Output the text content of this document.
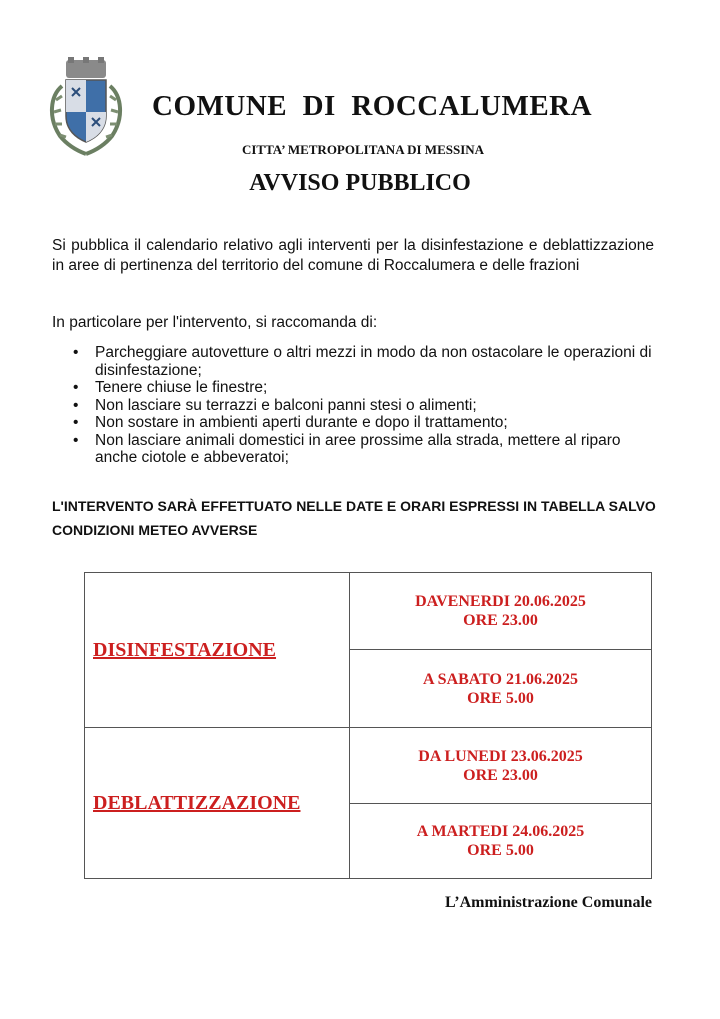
COMUNE  DI  ROCCALUMERA
CITTA’ METROPOLITANA DI MESSINA
AVVISO PUBBLICO
Si pubblica il calendario relativo agli interventi per la disinfestazione e deblattizzazione in aree di pertinenza del territorio del comune di Roccalumera e delle frazioni
In particolare per l'intervento, si raccomanda di:
• Parcheggiare autovetture o altri mezzi in modo da non ostacolare le operazioni di disinfestazione;
• Tenere chiuse le finestre;
• Non lasciare su terrazzi e balconi panni stesi o alimenti;
• Non sostare in ambienti aperti durante e dopo il trattamento;
• Non lasciare animali domestici in aree prossime alla strada, mettere al riparo anche ciotole e abbeveratoi;
L'INTERVENTO SARÀ EFFETTUATO NELLE DATE E ORARI ESPRESSI IN TABELLA SALVO CONDIZIONI METEO AVVERSE
DISINFESTAZIONE	DAVENERDI 20.06.2025
ORE 23.00

	A SABATO 21.06.2025
ORE 5.00

DEBLATTIZZAZIONE	DA LUNEDI 23.06.2025
ORE 23.00

	A MARTEDI 24.06.2025
ORE 5.00
L’Amministrazione Comunale
